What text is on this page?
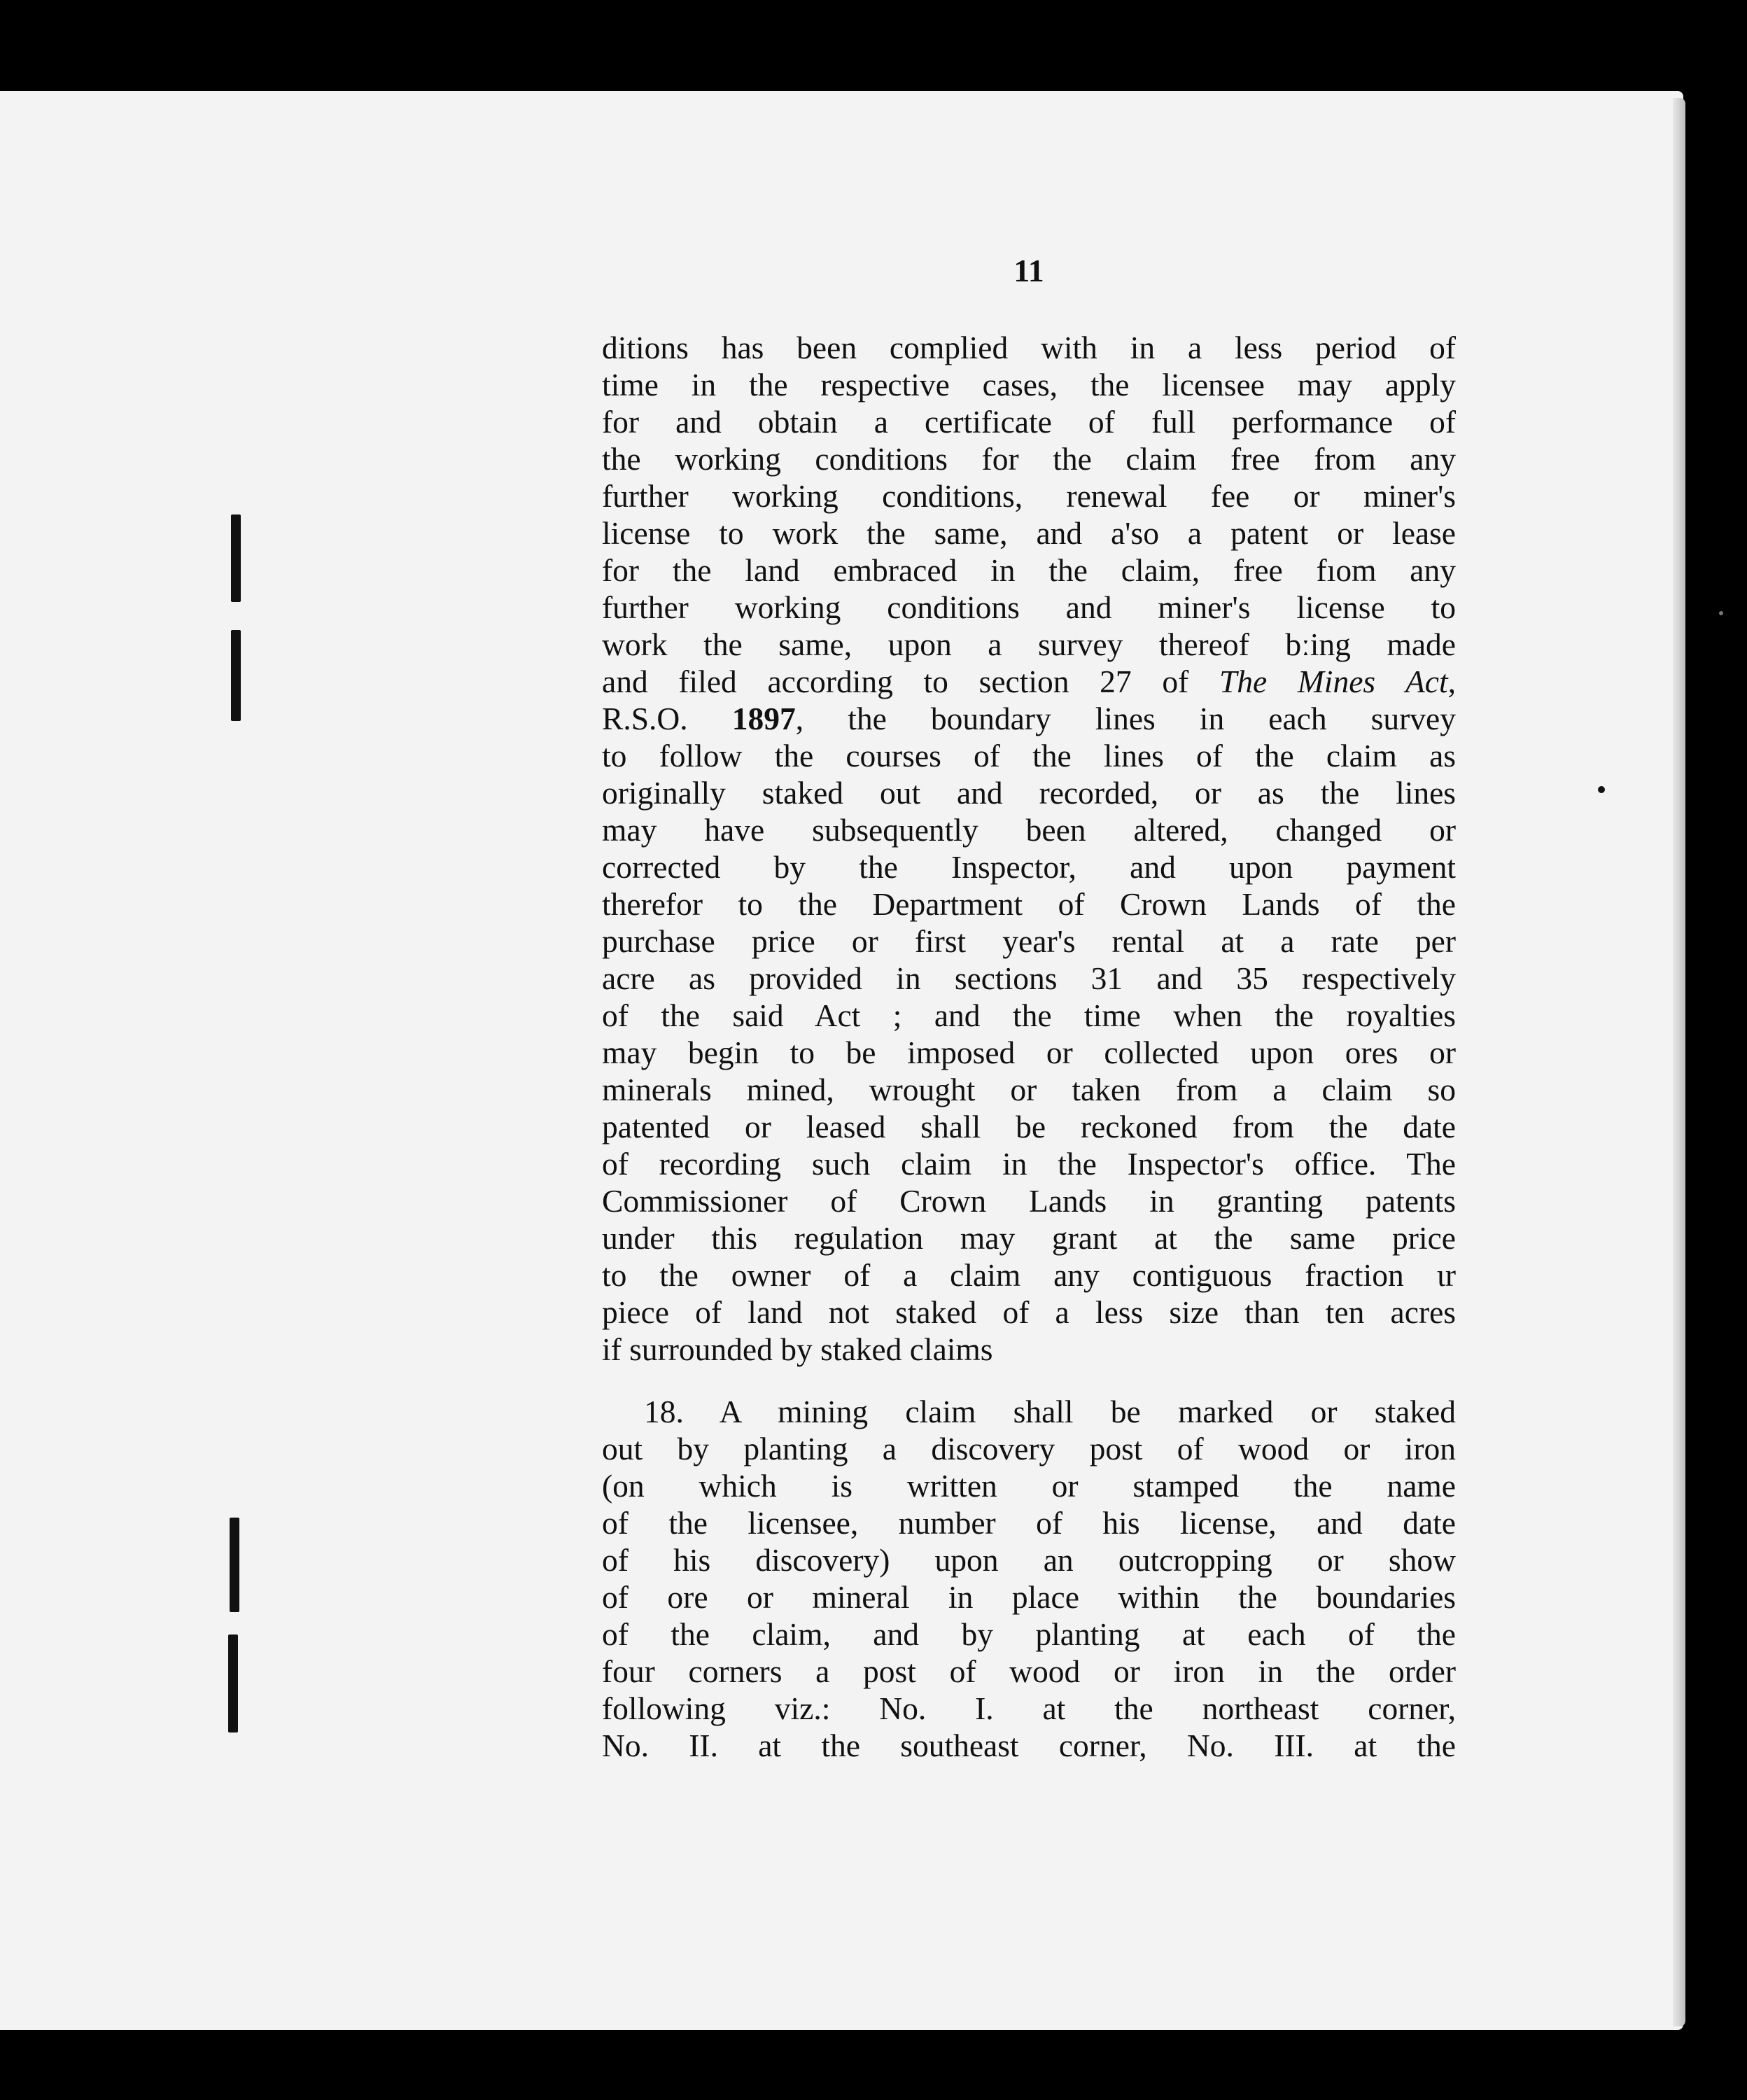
11
ditions has been complied with in a less period of
time in the respective cases, the licensee may apply
for and obtain a certificate of full performance of
the working conditions for the claim free from any
further working conditions, renewal fee or miner's
license to work the same, and a'so a patent or lease
for the land embraced in the claim, free fıom any
further working conditions and miner's license to
work the same, upon a survey thereof bːing made
and filed according to section 27 of The Mines Act,
R.S.O. 1897, the boundary lines in each survey
to follow the courses of the lines of the claim as
originally staked out and recorded, or as the lines
may have subsequently been altered, changed or
corrected by the Inspector, and upon payment
therefor to the Department of Crown Lands of the
purchase price or first year's rental at a rate per
acre as provided in sections 31 and 35 respectively
of the said Act ; and the time when the royalties
may begin to be imposed or collected upon ores or
minerals mined, wrought or taken from a claim so
patented or leased shall be reckoned from the date
of recording such claim in the Inspector's office. The
Commissioner of Crown Lands in granting patents
under this regulation may grant at the same price
to the owner of a claim any contiguous fraction ɩr
piece of land not staked of a less size than ten acres
if surrounded by staked claims
18. A mining claim shall be marked or staked
out by planting a discovery post of wood or iron
(on which is written or stamped the name
of the licensee, number of his license, and date
of his discovery) upon an outcropping or show
of ore or mineral in place within the boundaries
of the claim, and by planting at each of the
four corners a post of wood or iron in the order
following viz.: No. I. at the northeast corner,
No. II. at the southeast corner, No. III. at the
